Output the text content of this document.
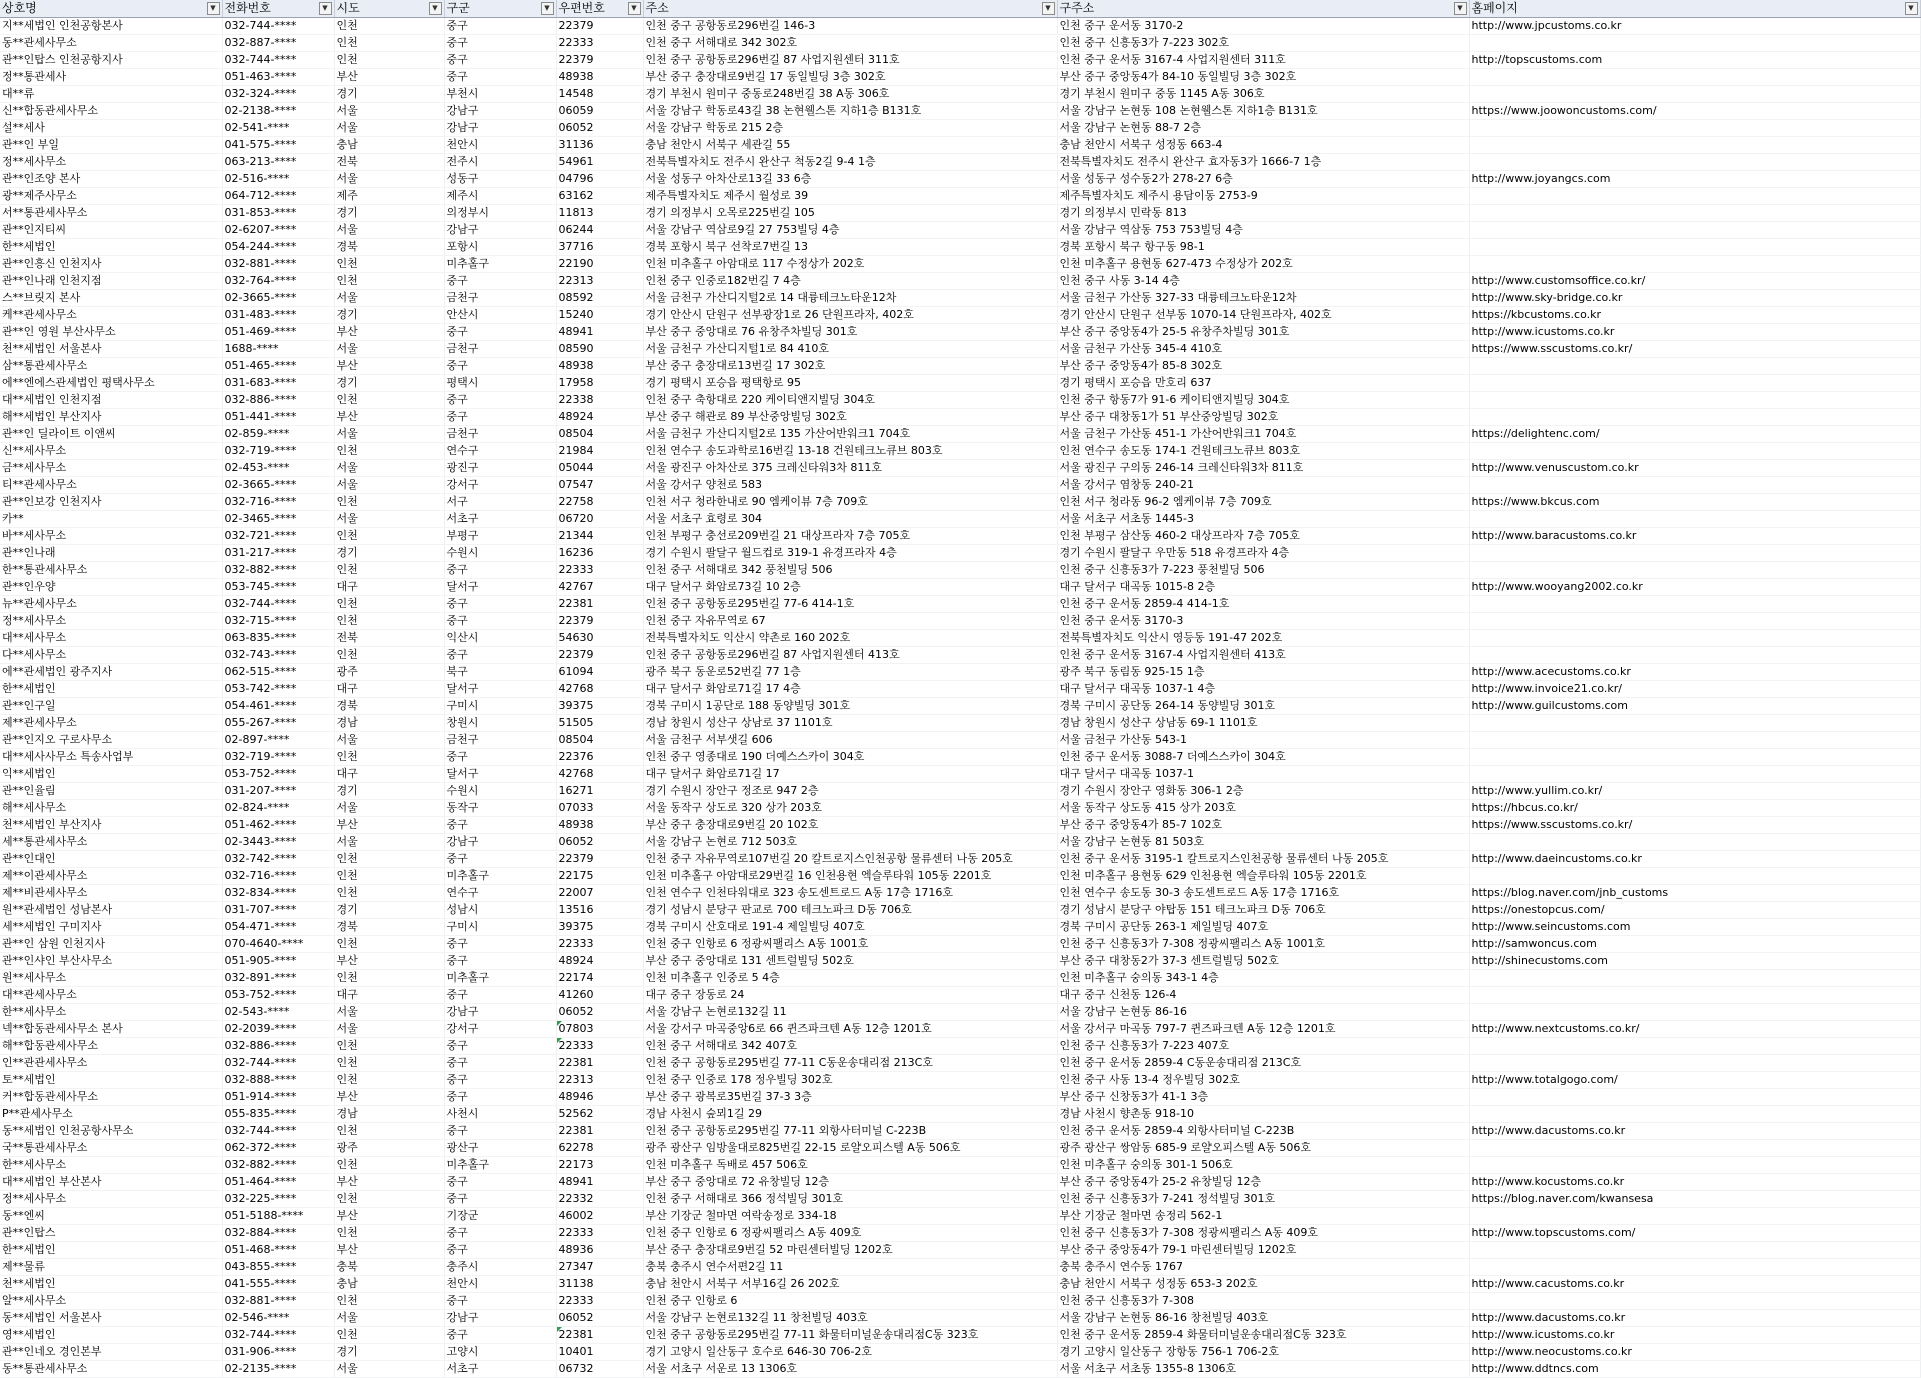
상호명 ▼	전화번호 ▼	시도 ▼	구군 ▼	우편번호 ▼	주소 ▼	구주소 ▼	홈페이지 ▼

지**세법인 인천공항본사	032-744-****	인천	중구	22379	인천 중구 공항동로296번길 146-3	인천 중구 운서동 3170-2	http://www.jpcustoms.co.kr
동**관세사무소	032-887-****	인천	중구	22333	인천 중구 서해대로 342 302호	인천 중구 신흥동3가 7-223 302호	
관**인탑스 인천공항지사	032-744-****	인천	중구	22379	인천 중구 공항동로296번길 87 사업지원센터 311호	인천 중구 운서동 3167-4 사업지원센터 311호	http://topscustoms.com
정**통관세사	051-463-****	부산	중구	48938	부산 중구 충장대로9번길 17 동일빌딩 3층 302호	부산 중구 중앙동4가 84-10 동일빌딩 3층 302호	
대**류	032-324-****	경기	부천시	14548	경기 부천시 원미구 중동로248번길 38 A동 306호	경기 부천시 원미구 중동 1145 A동 306호	
신**합동관세사무소	02-2138-****	서울	강남구	06059	서울 강남구 학동로43길 38 논현웰스톤 지하1층 B131호	서울 강남구 논현동 108 논현웰스톤 지하1층 B131호	https://www.joowoncustoms.com/
설**세사	02-541-****	서울	강남구	06052	서울 강남구 학동로 215 2층	서울 강남구 논현동 88-7 2층	
관**인 부일	041-575-****	충남	천안시	31136	충남 천안시 서북구 세관길 55	충남 천안시 서북구 성정동 663-4	
정**세사무소	063-213-****	전북	전주시	54961	전북특별자치도 전주시 완산구 척동2길 9-4 1층	전북특별자치도 전주시 완산구 효자동3가 1666-7 1층	
관**인조양 본사	02-516-****	서울	성동구	04796	서울 성동구 아차산로13길 33 6층	서울 성동구 성수동2가 278-27 6층	http://www.joyangcs.com
광**제주사무소	064-712-****	제주	제주시	63162	제주특별자치도 제주시 월성로 39	제주특별자치도 제주시 용담이동 2753-9	
서**통관세사무소	031-853-****	경기	의정부시	11813	경기 의정부시 오목로225번길 105	경기 의정부시 민락동 813	
관**인지티씨	02-6207-****	서울	강남구	06244	서울 강남구 역삼로9길 27 753빌딩 4층	서울 강남구 역삼동 753 753빌딩 4층	
한**세법인	054-244-****	경북	포항시	37716	경북 포항시 북구 선착로7번길 13	경북 포항시 북구 항구동 98-1	
관**인흥신 인천지사	032-881-****	인천	미추홀구	22190	인천 미추홀구 아암대로 117 수정상가 202호	인천 미추홀구 용현동 627-473 수정상가 202호	
관**인나래 인천지점	032-764-****	인천	중구	22313	인천 중구 인중로182번길 7 4층	인천 중구 사동 3-14 4층	http://www.customsoffice.co.kr/
스**브릿지 본사	02-3665-****	서울	금천구	08592	서울 금천구 가산디지털2로 14 대륭테크노타운12차	서울 금천구 가산동 327-33 대륭테크노타운12차	http://www.sky-bridge.co.kr
케**관세사무소	031-483-****	경기	안산시	15240	경기 안산시 단원구 선부광장1로 26 단원프라자, 402호	경기 안산시 단원구 선부동 1070-14 단원프라자, 402호	https://kbcustoms.co.kr
관**인 영원 부산사무소	051-469-****	부산	중구	48941	부산 중구 중앙대로 76 유창주차빌딩 301호	부산 중구 중앙동4가 25-5 유창주차빌딩 301호	http://www.icustoms.co.kr
천**세법인 서울본사	1688-****	서울	금천구	08590	서울 금천구 가산디지털1로 84 410호	서울 금천구 가산동 345-4 410호	https://www.sscustoms.co.kr/
삼**통관세사무소	051-465-****	부산	중구	48938	부산 중구 충장대로13번길 17 302호	부산 중구 중앙동4가 85-8 302호	
에**엔에스관세법인 평택사무소	031-683-****	경기	평택시	17958	경기 평택시 포승읍 평택항로 95	경기 평택시 포승읍 만호리 637	
대**세법인 인천지점	032-886-****	인천	중구	22338	인천 중구 축항대로 220 케이티앤지빌딩 304호	인천 중구 항동7가 91-6 케이티앤지빌딩 304호	
해**세법인 부산지사	051-441-****	부산	중구	48924	부산 중구 해관로 89 부산중앙빌딩 302호	부산 중구 대창동1가 51 부산중앙빌딩 302호	
관**인 딜라이트 이앤씨	02-859-****	서울	금천구	08504	서울 금천구 가산디지털2로 135 가산어반워크1 704호	서울 금천구 가산동 451-1 가산어반워크1 704호	https://delightenc.com/
신**세사무소	032-719-****	인천	연수구	21984	인천 연수구 송도과학로16번길 13-18 건원테크노큐브 803호	인천 연수구 송도동 174-1 건원테크노큐브 803호	
금**세사무소	02-453-****	서울	광진구	05044	서울 광진구 아차산로 375 크레신타워3차 811호	서울 광진구 구의동 246-14 크레신타워3차 811호	http://www.venuscustom.co.kr
티**관세사무소	02-3665-****	서울	강서구	07547	서울 강서구 양천로 583	서울 강서구 염창동 240-21	
관**인보강 인천지사	032-716-****	인천	서구	22758	인천 서구 청라한내로 90 엠케이뷰 7층 709호	인천 서구 청라동 96-2 엠케이뷰 7층 709호	https://www.bkcus.com
카**	02-3465-****	서울	서초구	06720	서울 서초구 효령로 304	서울 서초구 서초동 1445-3	
바**세사무소	032-721-****	인천	부평구	21344	인천 부평구 충선로209번길 21 대상프라자 7층 705호	인천 부평구 삼산동 460-2 대상프라자 7층 705호	http://www.baracustoms.co.kr
관**인나래	031-217-****	경기	수원시	16236	경기 수원시 팔달구 월드컵로 319-1 유경프라자 4층	경기 수원시 팔달구 우만동 518 유경프라자 4층	
한**통관세사무소	032-882-****	인천	중구	22333	인천 중구 서해대로 342 풍천빌딩 506	인천 중구 신흥동3가 7-223 풍천빌딩 506	
관**인우양	053-745-****	대구	달서구	42767	대구 달서구 화암로73길 10 2층	대구 달서구 대곡동 1015-8 2층	http://www.wooyang2002.co.kr
뉴**관세사무소	032-744-****	인천	중구	22381	인천 중구 공항동로295번길 77-6 414-1호	인천 중구 운서동 2859-4 414-1호	
정**세사무소	032-715-****	인천	중구	22379	인천 중구 자유무역로 67	인천 중구 운서동 3170-3	
대**세사무소	063-835-****	전북	익산시	54630	전북특별자치도 익산시 약촌로 160 202호	전북특별자치도 익산시 영등동 191-47 202호	
다**세사무소	032-743-****	인천	중구	22379	인천 중구 공항동로296번길 87 사업지원센터 413호	인천 중구 운서동 3167-4 사업지원센터 413호	
에**관세법인 광주지사	062-515-****	광주	북구	61094	광주 북구 동운로52번길 77 1층	광주 북구 동림동 925-15 1층	http://www.acecustoms.co.kr
한**세법인	053-742-****	대구	달서구	42768	대구 달서구 화암로71길 17 4층	대구 달서구 대곡동 1037-1 4층	http://www.invoice21.co.kr/
관**인구일	054-461-****	경북	구미시	39375	경북 구미시 1공단로 188 동양빌딩 301호	경북 구미시 공단동 264-14 동양빌딩 301호	http://www.guilcustoms.com
제**관세사무소	055-267-****	경남	창원시	51505	경남 창원시 성산구 상남로 37 1101호	경남 창원시 성산구 상남동 69-1 1101호	
관**인지오 구로사무소	02-897-****	서울	금천구	08504	서울 금천구 서부샛길 606	서울 금천구 가산동 543-1	
대**세사사무소 특송사업부	032-719-****	인천	중구	22376	인천 중구 영종대로 190 더예스스카이 304호	인천 중구 운서동 3088-7 더예스스카이 304호	
익**세법인	053-752-****	대구	달서구	42768	대구 달서구 화암로71길 17	대구 달서구 대곡동 1037-1	
관**인율림	031-207-****	경기	수원시	16271	경기 수원시 장안구 정조로 947 2층	경기 수원시 장안구 영화동 306-1 2층	http://www.yullim.co.kr/
해**세사무소	02-824-****	서울	동작구	07033	서울 동작구 상도로 320 상가 203호	서울 동작구 상도동 415 상가 203호	https://hbcus.co.kr/
천**세법인 부산지사	051-462-****	부산	중구	48938	부산 중구 충장대로9번길 20 102호	부산 중구 중앙동4가 85-7 102호	https://www.sscustoms.co.kr/
세**통관세사무소	02-3443-****	서울	강남구	06052	서울 강남구 논현로 712 503호	서울 강남구 논현동 81 503호	
관**인대인	032-742-****	인천	중구	22379	인천 중구 자유무역로107번길 20 칼트로지스인천공항 물류센터 나동 205호	인천 중구 운서동 3195-1 칼트로지스인천공항 물류센터 나동 205호	http://www.daeincustoms.co.kr
제**이관세사무소	032-716-****	인천	미추홀구	22175	인천 미추홀구 아암대로29번길 16 인천용현 엑슬루타워 105동 2201호	인천 미추홀구 용현동 629 인천용현 엑슬루타워 105동 2201호	
제**비관세사무소	032-834-****	인천	연수구	22007	인천 연수구 인천타워대로 323 송도센트로드 A동 17층 1716호	인천 연수구 송도동 30-3 송도센트로드 A동 17층 1716호	https://blog.naver.com/jnb_customs
원**관세법인 성남본사	031-707-****	경기	성남시	13516	경기 성남시 분당구 판교로 700 테크노파크 D동 706호	경기 성남시 분당구 야탑동 151 테크노파크 D동 706호	https://onestopcus.com/
세**세법인 구미지사	054-471-****	경북	구미시	39375	경북 구미시 산호대로 191-4 제일빌딩 407호	경북 구미시 공단동 263-1 제일빌딩 407호	http://www.seincustoms.com
관**인 삼원 인천지사	070-4640-****	인천	중구	22333	인천 중구 인항로 6 정광씨팰리스 A동 1001호	인천 중구 신흥동3가 7-308 정광씨팰리스 A동 1001호	http://samwoncus.com
관**인샤인 부산사무소	051-905-****	부산	중구	48924	부산 중구 중앙대로 131 센트럴빌딩 502호	부산 중구 대창동2가 37-3 센트럴빌딩 502호	http://shinecustoms.com
원**세사무소	032-891-****	인천	미추홀구	22174	인천 미추홀구 인중로 5 4층	인천 미추홀구 숭의동 343-1 4층	
대**관세사무소	053-752-****	대구	중구	41260	대구 중구 장동로 24	대구 중구 신천동 126-4	
한**세사무소	02-543-****	서울	강남구	06052	서울 강남구 논현로132길 11	서울 강남구 논현동 86-16	
넥**합동관세사무소 본사	02-2039-****	서울	강서구	07803	서울 강서구 마곡중앙6로 66 퀸즈파크텐 A동 12층 1201호	서울 강서구 마곡동 797-7 퀸즈파크텐 A동 12층 1201호	http://www.nextcustoms.co.kr/
해**합동관세사무소	032-886-****	인천	중구	22333	인천 중구 서해대로 342 407호	인천 중구 신흥동3가 7-223 407호	
인**관관세사무소	032-744-****	인천	중구	22381	인천 중구 공항동로295번길 77-11 C동운송대리점 213C호	인천 중구 운서동 2859-4 C동운송대리점 213C호	
토**세법인	032-888-****	인천	중구	22313	인천 중구 인중로 178 정우빌딩 302호	인천 중구 사동 13-4 정우빌딩 302호	http://www.totalgogo.com/
커**합동관세사무소	051-914-****	부산	중구	48946	부산 중구 광복로35번길 37-3 3층	부산 중구 신창동3가 41-1 3층	
P**관세사무소	055-835-****	경남	사천시	52562	경남 사천시 숲뫼1길 29	경남 사천시 향촌동 918-10	
동**세법인 인천공항사무소	032-744-****	인천	중구	22381	인천 중구 공항동로295번길 77-11 외항사터미널 C-223B	인천 중구 운서동 2859-4 외항사터미널 C-223B	http://www.dacustoms.co.kr
국**통관세사무소	062-372-****	광주	광산구	62278	광주 광산구 임방울대로825번길 22-15 로얄오피스텔 A동 506호	광주 광산구 쌍암동 685-9 로얄오피스텔 A동 506호	
한**세사무소	032-882-****	인천	미추홀구	22173	인천 미추홀구 독배로 457 506호	인천 미추홀구 숭의동 301-1 506호	
대**세법인 부산본사	051-464-****	부산	중구	48941	부산 중구 중앙대로 72 유창빌딩 12층	부산 중구 중앙동4가 25-2 유창빌딩 12층	http://www.kocustoms.co.kr
정**세사무소	032-225-****	인천	중구	22332	인천 중구 서해대로 366 정석빌딩 301호	인천 중구 신흥동3가 7-241 정석빌딩 301호	https://blog.naver.com/kwansesa
동**엔씨	051-5188-****	부산	기장군	46002	부산 기장군 철마면 여락송정로 334-18	부산 기장군 철마면 송정리 562-1	
관**인탑스	032-884-****	인천	중구	22333	인천 중구 인항로 6 정광씨팰리스 A동 409호	인천 중구 신흥동3가 7-308 정광씨팰리스 A동 409호	http://www.topscustoms.com/
한**세법인	051-468-****	부산	중구	48936	부산 중구 충장대로9번길 52 마린센터빌딩 1202호	부산 중구 중앙동4가 79-1 마린센터빌딩 1202호	
제**물류	043-855-****	충북	충주시	27347	충북 충주시 연수서편2길 11	충북 충주시 연수동 1767	
천**세법인	041-555-****	충남	천안시	31138	충남 천안시 서북구 서부16길 26 202호	충남 천안시 서북구 성정동 653-3 202호	http://www.cacustoms.co.kr
알**세사무소	032-881-****	인천	중구	22333	인천 중구 인항로 6	인천 중구 신흥동3가 7-308	
동**세법인 서울본사	02-546-****	서울	강남구	06052	서울 강남구 논현로132길 11 창천빌딩 403호	서울 강남구 논현동 86-16 창천빌딩 403호	http://www.dacustoms.co.kr
영**세법인	032-744-****	인천	중구	22381	인천 중구 공항동로295번길 77-11 화물터미널운송대리점C동 323호	인천 중구 운서동 2859-4 화물터미널운송대리점C동 323호	http://www.icustoms.co.kr
관**인네오 경인본부	031-906-****	경기	고양시	10401	경기 고양시 일산동구 호수로 646-30 706-2호	경기 고양시 일산동구 장항동 756-1 706-2호	http://www.neocustoms.co.kr
동**통관세사무소	02-2135-****	서울	서초구	06732	서울 서초구 서운로 13 1306호	서울 서초구 서초동 1355-8 1306호	http://www.ddtncs.com
